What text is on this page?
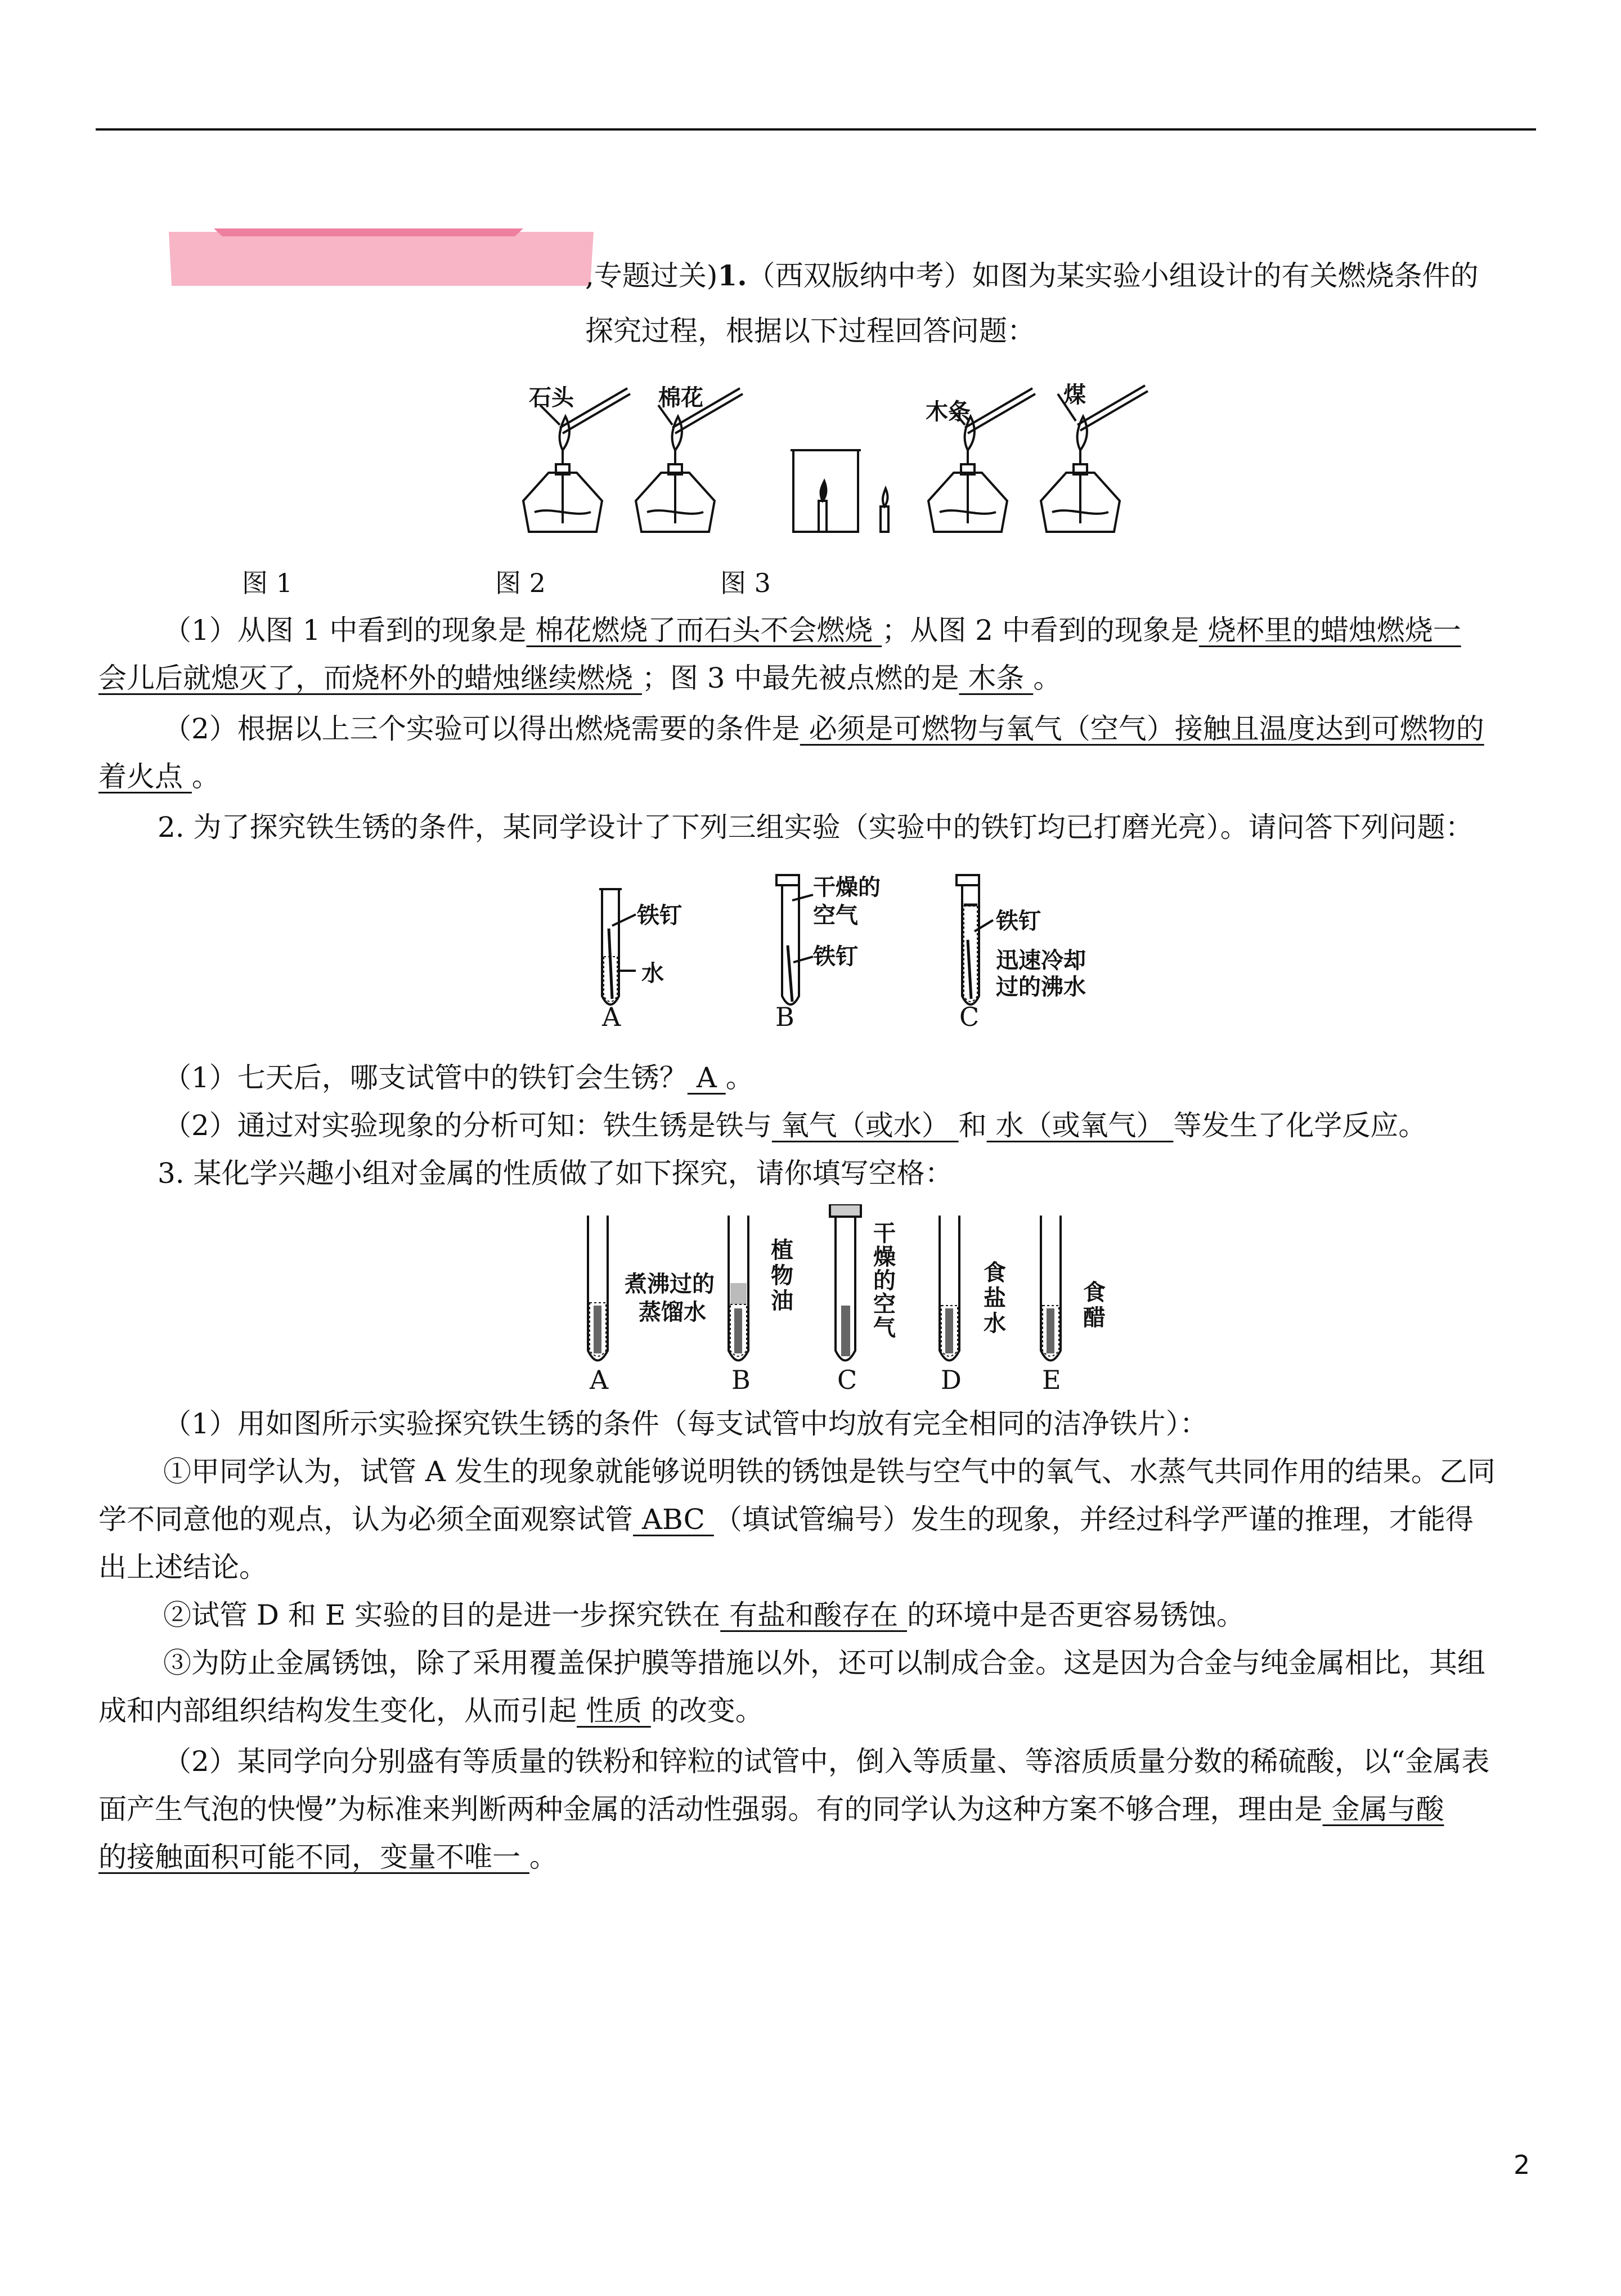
,专题过关)1.（西双版纳中考）如图为某实验小组设计的有关燃烧条件的
探究过程，根据以下过程回答问题：
石头	棉花
木条
煤
图 1	图 2	图 3
（1）从图 1 中看到的现象是 棉花燃烧了而石头不会燃烧 ；从图 2 中看到的现象是 烧杯里的蜡烛燃烧一
会儿后就熄灭了，而烧杯外的蜡烛继续燃烧 ；图 3 中最先被点燃的是 木条 。
（2）根据以上三个实验可以得出燃烧需要的条件是 必须是可燃物与氧气（空气）接触且温度达到可燃物的
着火点 。
2. 为了探究铁生锈的条件，某同学设计了下列三组实验（实验中的铁钉均已打磨光亮）。请问答下列问题：
铁钉
水
干燥的
空气
铁钉
铁钉
迅速冷却
过的沸水
A	B	C
（1）七天后，哪支试管中的铁钉会生锈？ A 。
（2）通过对实验现象的分析可知：铁生锈是铁与 氧气（或水） 和 水（或氧气） 等发生了化学反应。
3. 某化学兴趣小组对金属的性质做了如下探究，请你填写空格：
煮沸过的
蒸馏水
植
物
油
干
燥
的
空
气
食
盐
水
食
醋
A	B	C	D	E
（1）用如图所示实验探究铁生锈的条件（每支试管中均放有完全相同的洁净铁片）：
①甲同学认为，试管 A 发生的现象就能够说明铁的锈蚀是铁与空气中的氧气、水蒸气共同作用的结果。乙同
学不同意他的观点，认为必须全面观察试管 ABC （填试管编号）发生的现象，并经过科学严谨的推理，才能得
出上述结论。
②试管 D 和 E 实验的目的是进一步探究铁在 有盐和酸存在 的环境中是否更容易锈蚀。
③为防止金属锈蚀，除了采用覆盖保护膜等措施以外，还可以制成合金。这是因为合金与纯金属相比，其组
成和内部组织结构发生变化，从而引起 性质 的改变。
（2）某同学向分别盛有等质量的铁粉和锌粒的试管中，倒入等质量、等溶质质量分数的稀硫酸，以“金属表
面产生气泡的快慢”为标准来判断两种金属的活动性强弱。有的同学认为这种方案不够合理，理由是 金属与酸
的接触面积可能不同，变量不唯一 。
2
